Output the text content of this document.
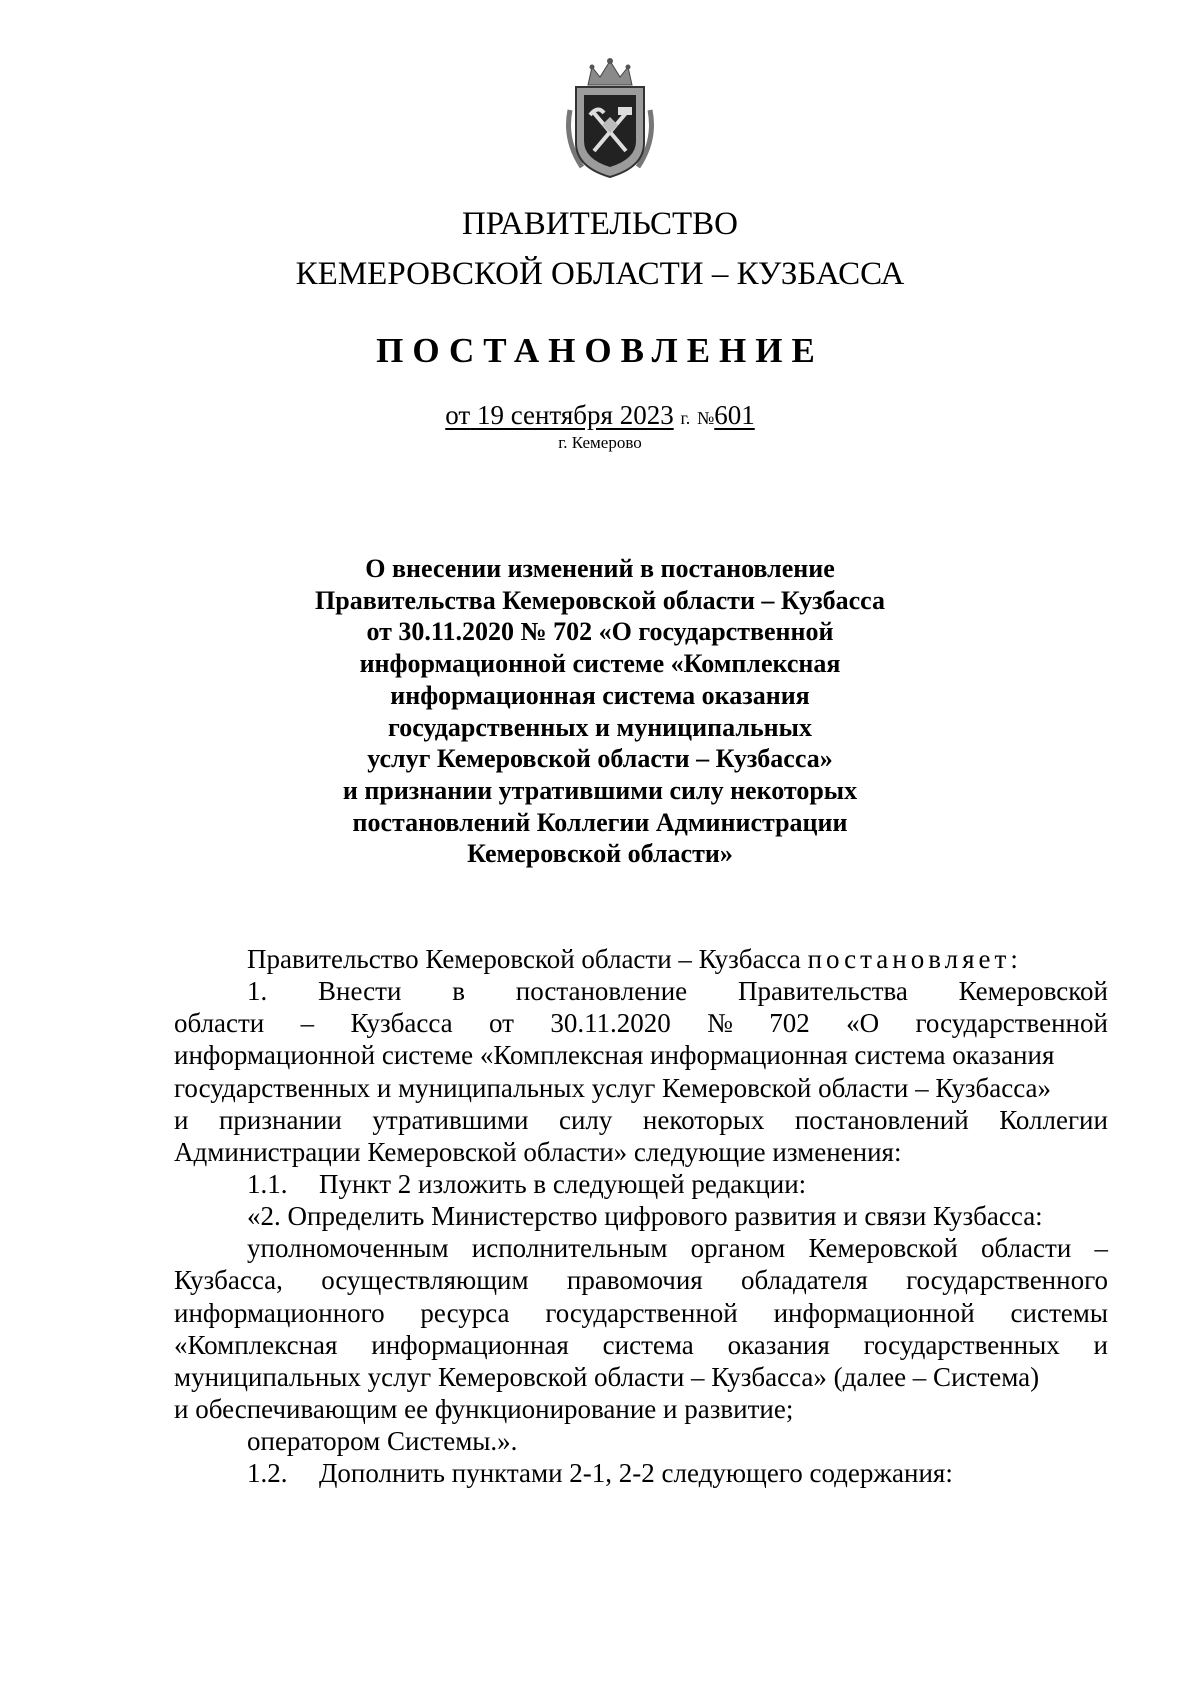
ПРАВИТЕЛЬСТВО
КЕМЕРОВСКОЙ ОБЛАСТИ – КУЗБАССА
ПОСТАНОВЛЕНИЕ
от 19 сентября 2023 г. №601
г. Кемерово
О внесении изменений в постановление
Правительства Кемеровской области – Кузбасса
от 30.11.2020 № 702 «О государственной
информационной системе «Комплексная
информационная система оказания
государственных и муниципальных
услуг Кемеровской области – Кузбасса»
и признании утратившими силу некоторых
постановлений Коллегии Администрации
Кемеровской области»
Правительство Кемеровской области – Кузбасса постановляет:
1. Внести в постановление Правительства Кемеровской
области – Кузбасса от 30.11.2020 № 702 «О государственной
информационной системе «Комплексная информационная система оказания
государственных и муниципальных услуг Кемеровской области – Кузбасса»
и признании утратившими силу некоторых постановлений Коллегии
Администрации Кемеровской области» следующие изменения:
1.1. Пункт 2 изложить в следующей редакции:
«2. Определить Министерство цифрового развития и связи Кузбасса:
уполномоченным исполнительным органом Кемеровской области –
Кузбасса, осуществляющим правомочия обладателя государственного
информационного ресурса государственной информационной системы
«Комплексная информационная система оказания государственных и
муниципальных услуг Кемеровской области – Кузбасса» (далее – Система)
и обеспечивающим ее функционирование и развитие;
оператором Системы.».
1.2. Дополнить пунктами 2-1, 2-2 следующего содержания:
